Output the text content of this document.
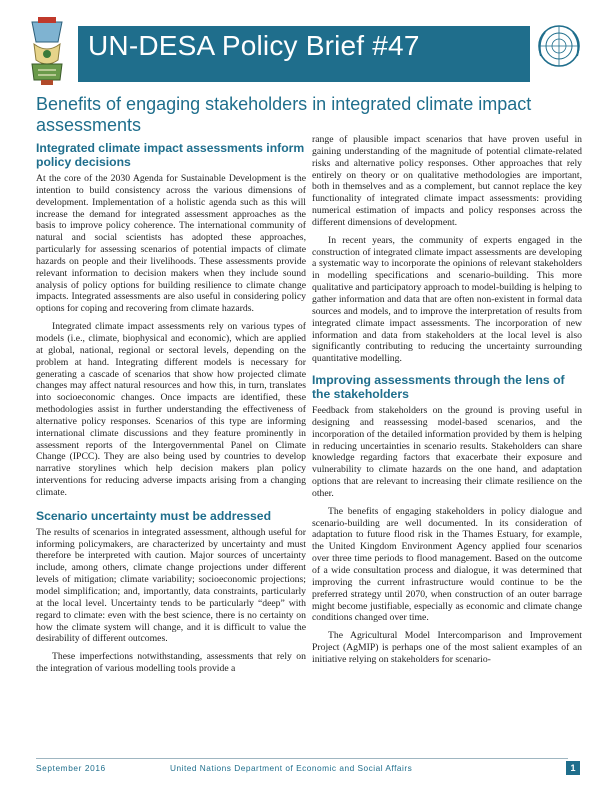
UN-DESA Policy Brief #47
Benefits of engaging stakeholders in integrated climate impact assessments
Integrated climate impact assessments inform policy decisions

At the core of the 2030 Agenda for Sustainable Development is the intention to build consistency across the various dimensions of development. Implementation of a holistic agenda such as this will increase the demand for integrated assessment approaches as the basis to improve policy coherence. The international community of natural and social scientists has adopted these approaches, particularly for assessing scenarios of potential impacts of climate hazards on people and their livelihoods. These assessments provide relevant information to decision makers when they include sound analysis of policy options for building resilience to climate change impacts. Integrated assessments are also useful in considering policy options for coping and recovering from climate hazards.

Integrated climate impact assessments rely on various types of models (i.e., climate, biophysical and economic), which are applied at global, national, regional or sectoral levels, depending on the problem at hand. Integrating different models is necessary for generating a cascade of scenarios that show how projected climate changes may affect natural resources and how this, in turn, translates into socioeconomic changes. Once impacts are identified, these methodologies assist in further understanding the effectiveness of alternative policy responses. Scenarios of this type are informing international climate discussions and they feature prominently in assessment reports of the Intergovernmental Panel on Climate Change (IPCC). They are also being used by countries to develop narrative storylines which help decision makers plan policy interventions for reducing adverse impacts arising from a changing climate.

Scenario uncertainty must be addressed

The results of scenarios in integrated assessment, although useful for informing policymakers, are characterized by uncertainty and must therefore be interpreted with caution. Major sources of uncertainty include, among others, climate change projections under different levels of mitigation; climate variability; socioeconomic projections; model simplification; and, importantly, data constraints, particularly at the local level. Uncertainty tends to be particularly “deep” with regard to climate: even with the best science, there is no certainty on how the climate system will change, and it is difficult to value the desirability of different outcomes.

These imperfections notwithstanding, assessments that rely on the integration of various modelling tools provide a

range of plausible impact scenarios that have proven useful in gaining understanding of the magnitude of potential climate-related risks and alternative policy responses. Other approaches that rely entirely on theory or on qualitative methodologies are important, both in themselves and as a complement, but cannot replace the key functionality of integrated climate impact assessments: providing numerical estimation of impacts and policy responses across the different dimensions of development.

In recent years, the community of experts engaged in the construction of integrated climate impact assessments are developing a systematic way to incorporate the opinions of relevant stakeholders in modelling specifications and scenario-building. This more qualitative and participatory approach to model-building is helping to gather information and data that are often non-existent in formal data sources and models, and to improve the interpretation of results from integrated climate impact assessments. The incorporation of new information and data from stakeholders at the local level is also significantly contributing to reducing the uncertainty surrounding quantitative modelling.

Improving assessments through the lens of the stakeholders

Feedback from stakeholders on the ground is proving useful in designing and reassessing model-based scenarios, and the incorporation of the detailed information provided by them is helping in reducing uncertainties in scenario results. Stakeholders can share knowledge regarding factors that exacerbate their exposure and vulnerability to climate hazards on the one hand, and adaptation options that are relevant to increasing their climate resilience on the other.

The benefits of engaging stakeholders in policy dialogue and scenario-building are well documented. In its consideration of adaptation to future flood risk in the Thames Estuary, for example, the United Kingdom Environment Agency applied four scenarios over three time periods to flood management. Based on the outcome of a wide consultation process and dialogue, it was determined that improving the current infrastructure would continue to be the preferred strategy until 2070, when construction of an outer barrage might become justifiable, especially as economic and climate change conditions changed over time.

The Agricultural Model Intercomparison and Improvement Project (AgMIP) is perhaps one of the most salient examples of an initiative relying on stakeholders for scenario-

September 2016	United Nations Department of Economic and Social Affairs	1
